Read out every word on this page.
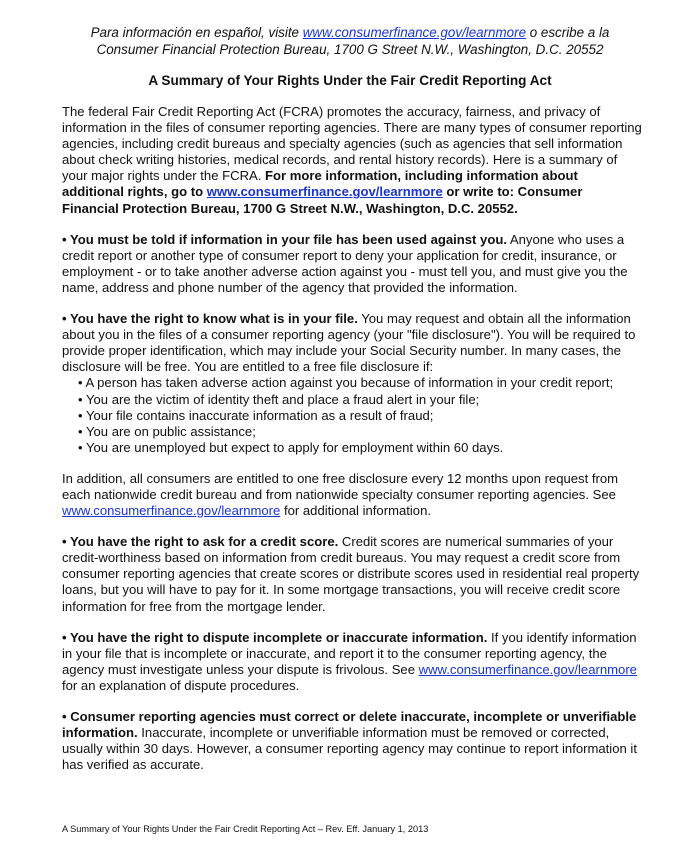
Para información en español, visite www.consumerfinance.gov/learnmore o escribe a la
Consumer Financial Protection Bureau, 1700 G Street N.W., Washington, D.C. 20552
A Summary of Your Rights Under the Fair Credit Reporting Act

The federal Fair Credit Reporting Act (FCRA) promotes the accuracy, fairness, and privacy of information in the files of consumer reporting agencies. There are many types of consumer reporting agencies, including credit bureaus and specialty agencies (such as agencies that sell information about check writing histories, medical records, and rental history records). Here is a summary of your major rights under the FCRA. For more information, including information about additional rights, go to www.consumerfinance.gov/learnmore or write to: Consumer Financial Protection Bureau, 1700 G Street N.W., Washington, D.C. 20552.

• You must be told if information in your file has been used against you. Anyone who uses a credit report or another type of consumer report to deny your application for credit, insurance, or employment - or to take another adverse action against you - must tell you, and must give you the name, address and phone number of the agency that provided the information.

• You have the right to know what is in your file. You may request and obtain all the information about you in the files of a consumer reporting agency (your "file disclosure"). You will be required to provide proper identification, which may include your Social Security number. In many cases, the disclosure will be free. You are entitled to a free file disclosure if:

• A person has taken adverse action against you because of information in your credit report;
• You are the victim of identity theft and place a fraud alert in your file;
• Your file contains inaccurate information as a result of fraud;
• You are on public assistance;
• You are unemployed but expect to apply for employment within 60 days.

In addition, all consumers are entitled to one free disclosure every 12 months upon request from each nationwide credit bureau and from nationwide specialty consumer reporting agencies. See www.consumerfinance.gov/learnmore for additional information.

• You have the right to ask for a credit score. Credit scores are numerical summaries of your credit-worthiness based on information from credit bureaus. You may request a credit score from consumer reporting agencies that create scores or distribute scores used in residential real property loans, but you will have to pay for it. In some mortgage transactions, you will receive credit score information for free from the mortgage lender.

• You have the right to dispute incomplete or inaccurate information. If you identify information in your file that is incomplete or inaccurate, and report it to the consumer reporting agency, the agency must investigate unless your dispute is frivolous. See www.consumerfinance.gov/learnmore for an explanation of dispute procedures.

• Consumer reporting agencies must correct or delete inaccurate, incomplete or unverifiable information. Inaccurate, incomplete or unverifiable information must be removed or corrected, usually within 30 days. However, a consumer reporting agency may continue to report information it has verified as accurate.

A Summary of Your Rights Under the Fair Credit Reporting Act – Rev. Eff. January 1, 2013
